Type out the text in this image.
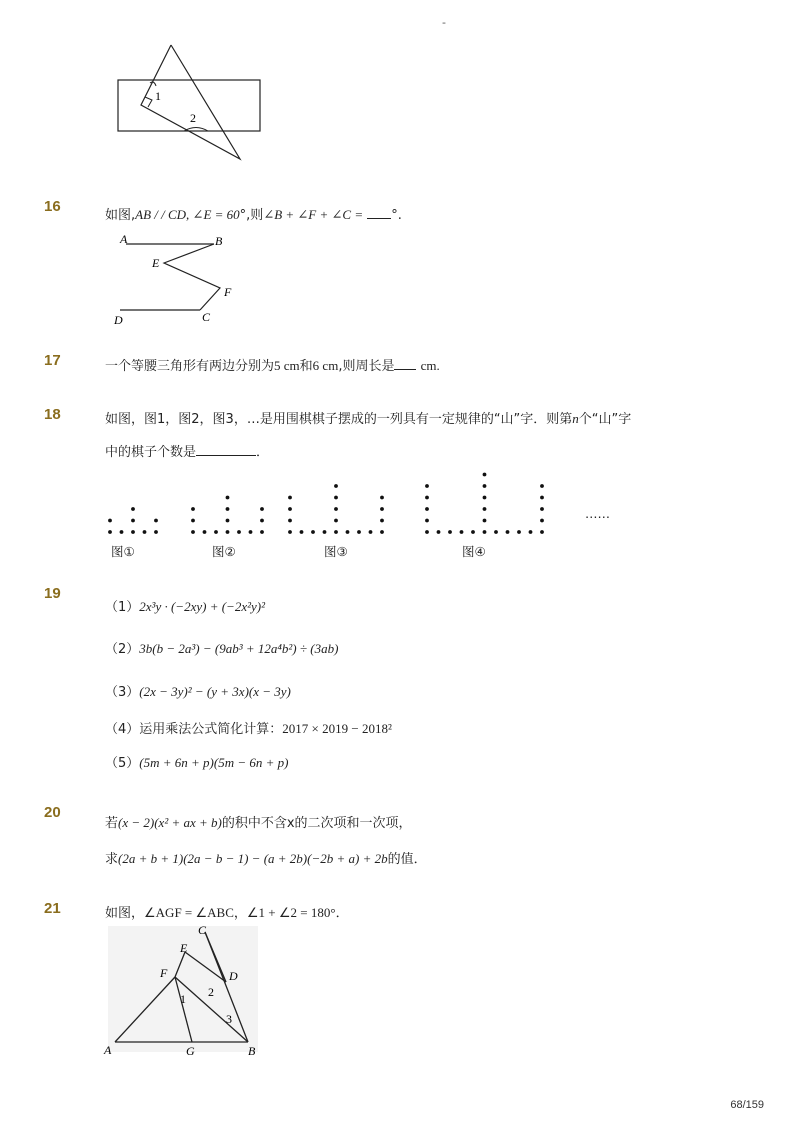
-
1
2
16
如图,AB / / CD, ∠E = 60°,则∠B + ∠F + ∠C = °.
A	B
E
F
D	C
17	一个等腰三角形有两边分别为5 cm和6 cm,则周长是 cm.
18	如图，图1，图2，图3，…是用围棋棋子摆成的一列具有一定规律的“山”字．则第n个“山”字
中的棋子个数是	．
图①	图②	图③	图④
……
19
（1）2x³y · (−2xy) + (−2x²y)²
（2）3b(b − 2a³) − (9ab³ + 12a⁴b²) ÷ (3ab)
（3）(2x − 3y)² − (y + 3x)(x − 3y)
（4）运用乘法公式简化计算：2017 × 2019 − 2018²
（5）(5m + 6n + p)(5m − 6n + p)
20
若(x − 2)(x² + ax + b)的积中不含x的二次项和一次项，
求(2a + b + 1)(2a − b − 1) − (a + 2b)(−2b + a) + 2b的值．
21	如图，∠AGF = ∠ABC，∠1 + ∠2 = 180°．
C
E
F	D
1 2
3
A	G	B
68/159
